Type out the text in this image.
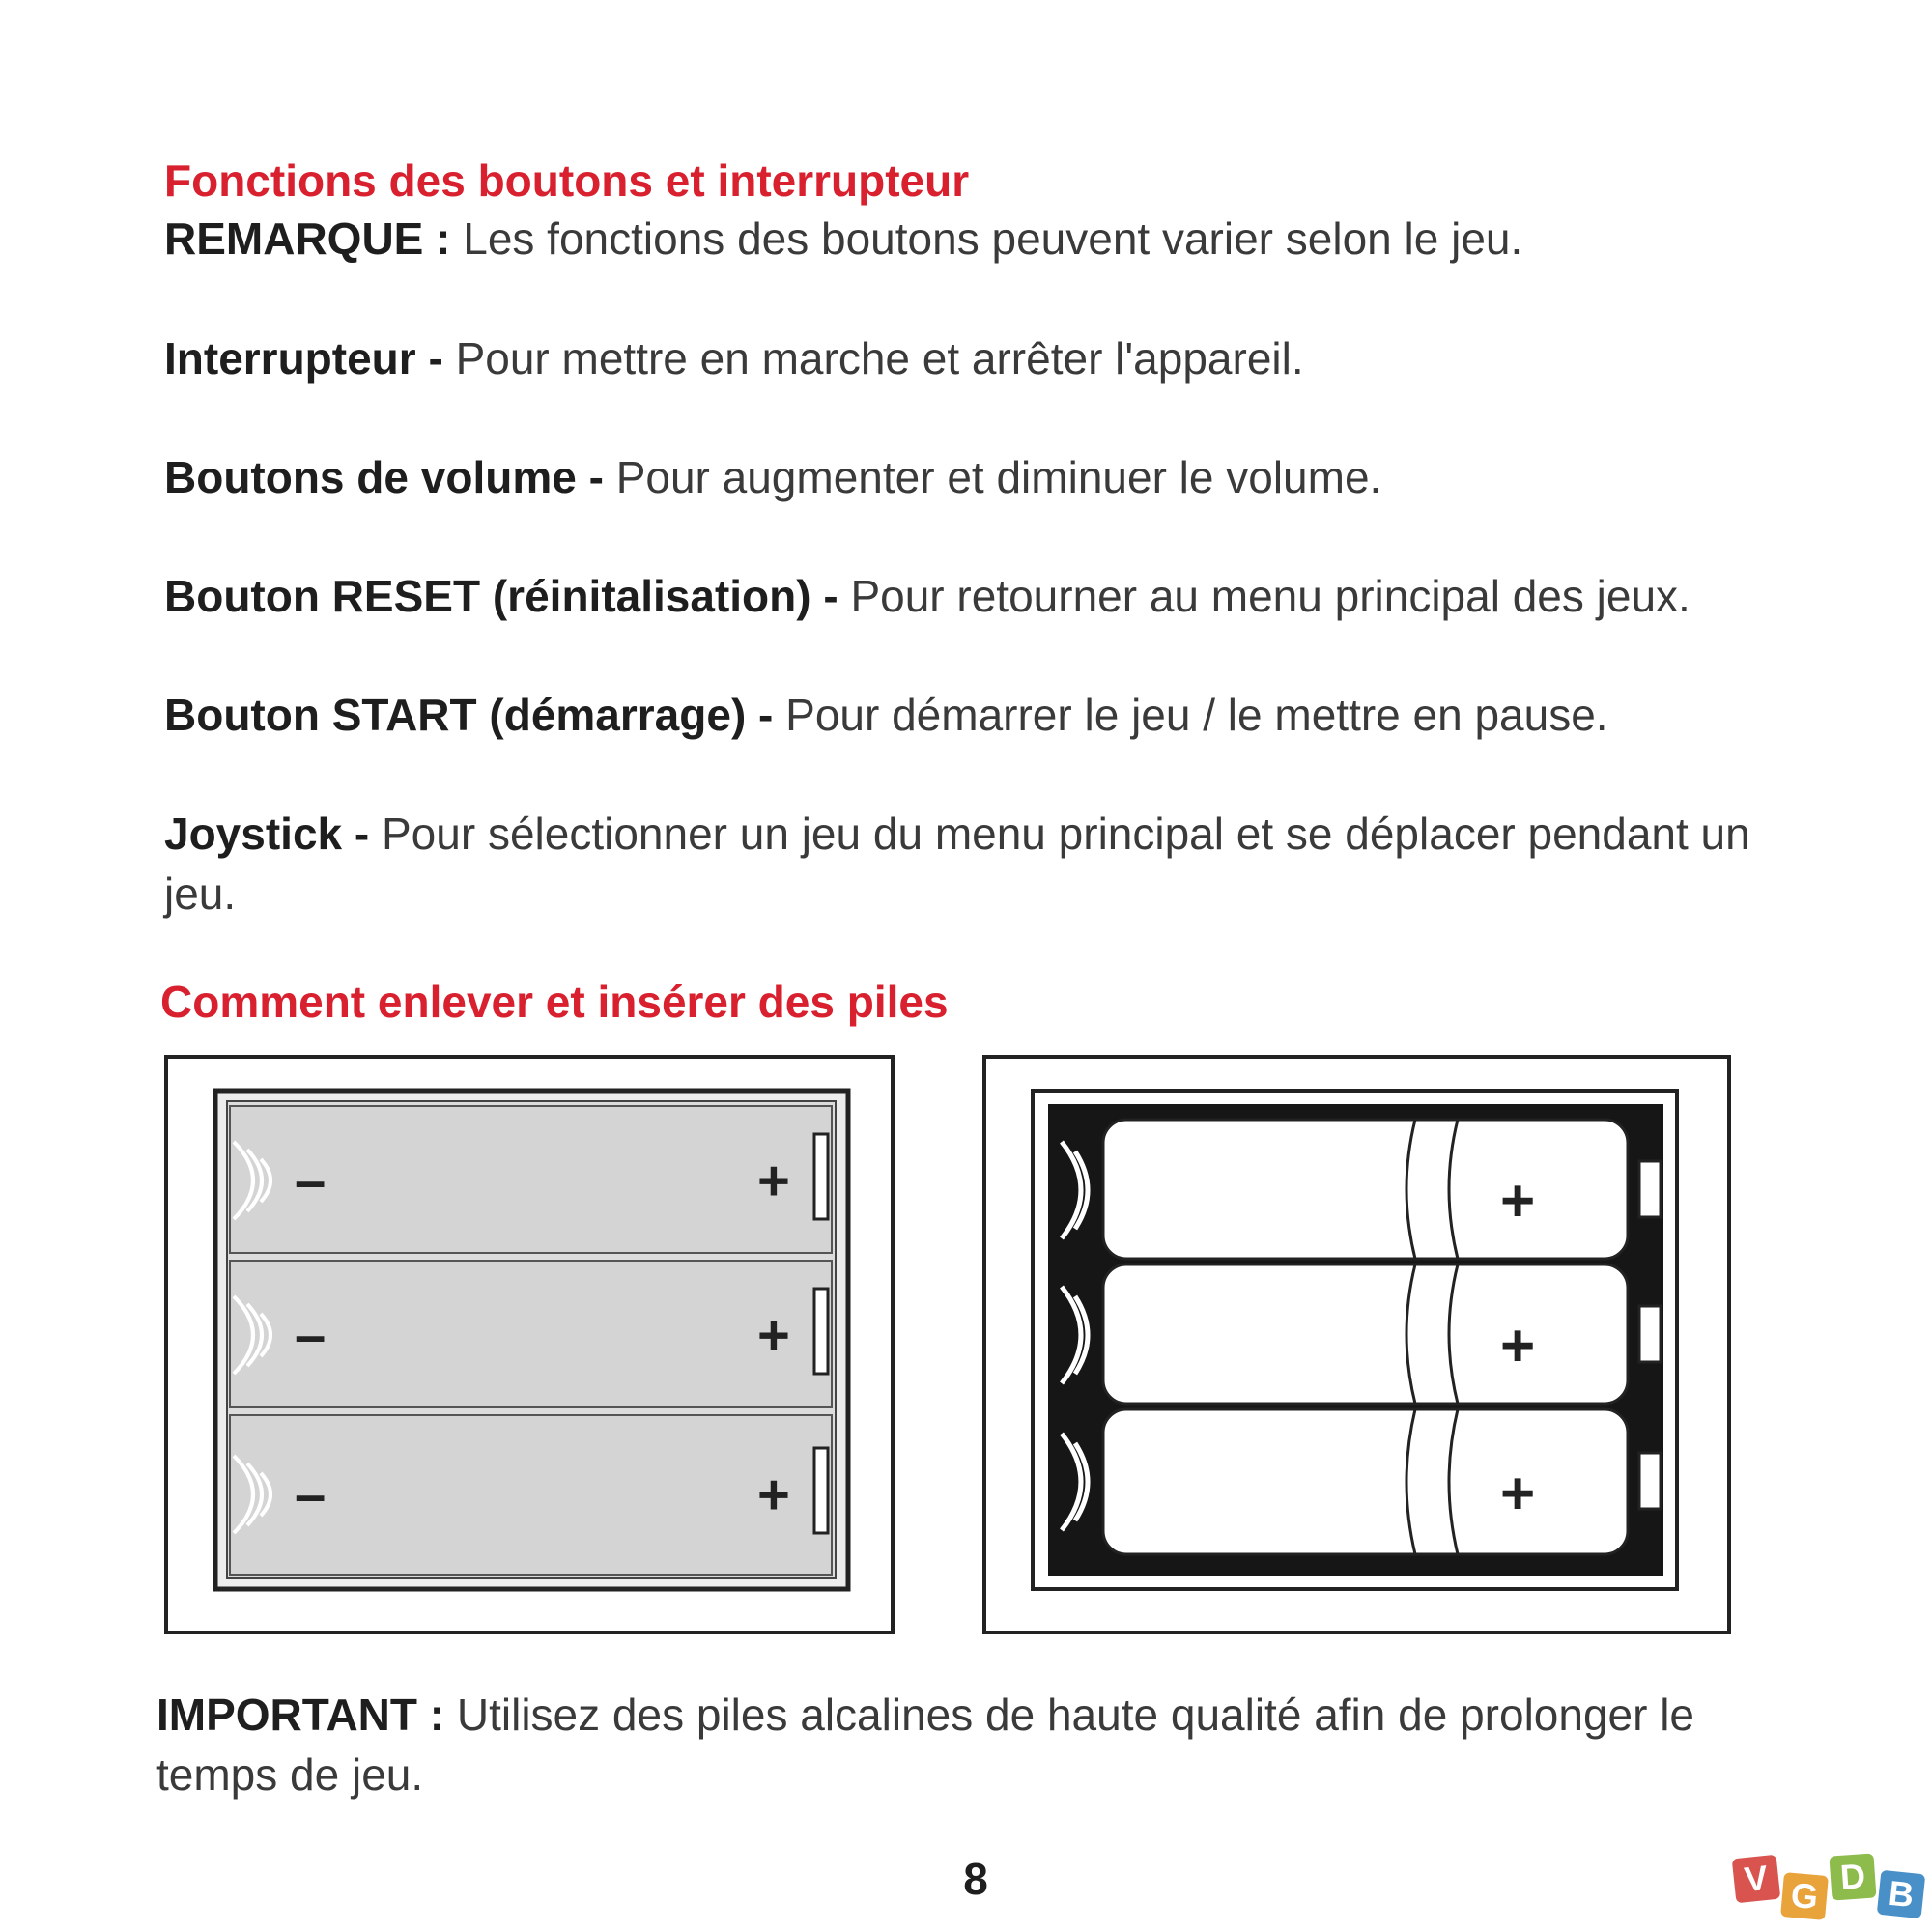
Fonctions des boutons et interrupteur

REMARQUE : Les fonctions des boutons peuvent varier selon le jeu.

Interrupteur - Pour mettre en marche et arrêter l'appareil.

Boutons de volume - Pour augmenter et diminuer le volume.

Bouton RESET (réinitalisation) - Pour retourner au menu principal des jeux.

Bouton START (démarrage) - Pour démarrer le jeu / le mettre en pause.

Joystick - Pour sélectionner un jeu du menu principal et se déplacer pendant un jeu.

Comment enlever et insérer des piles
–	+
–	+
–	+
+
+
+

IMPORTANT : Utilisez des piles alcalines de haute qualité afin de prolonger le temps de jeu.

8	V G D B
